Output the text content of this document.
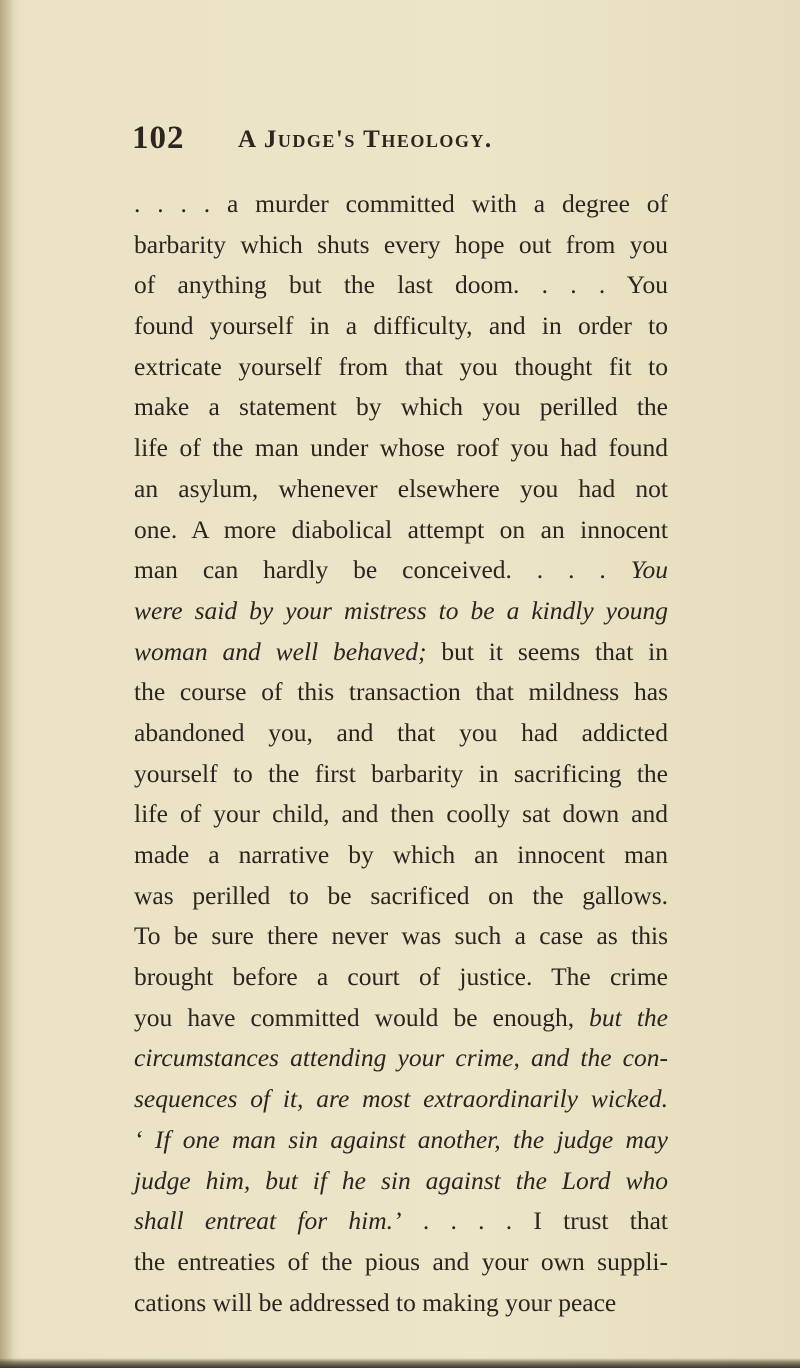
102 A Judge's Theology.
. . . . a murder committed with a degree of
barbarity which shuts every hope out from you
of anything but the last doom. . . . You
found yourself in a difficulty, and in order to
extricate yourself from that you thought fit to
make a statement by which you perilled the
life of the man under whose roof you had found
an asylum, whenever elsewhere you had not
one. A more diabolical attempt on an innocent
man can hardly be conceived. . . . You
were said by your mistress to be a kindly young
woman and well behaved; but it seems that in
the course of this transaction that mildness has
abandoned you, and that you had addicted
yourself to the first barbarity in sacrificing the
life of your child, and then coolly sat down and
made a narrative by which an innocent man
was perilled to be sacrificed on the gallows.
To be sure there never was such a case as this
brought before a court of justice. The crime
you have committed would be enough, but the
circumstances attending your crime, and the con-
sequences of it, are most extraordinarily wicked.
‘ If one man sin against another, the judge may
judge him, but if he sin against the Lord who
shall entreat for him.’ . . . . I trust that
the entreaties of the pious and your own suppli-
cations will be addressed to making your peace
